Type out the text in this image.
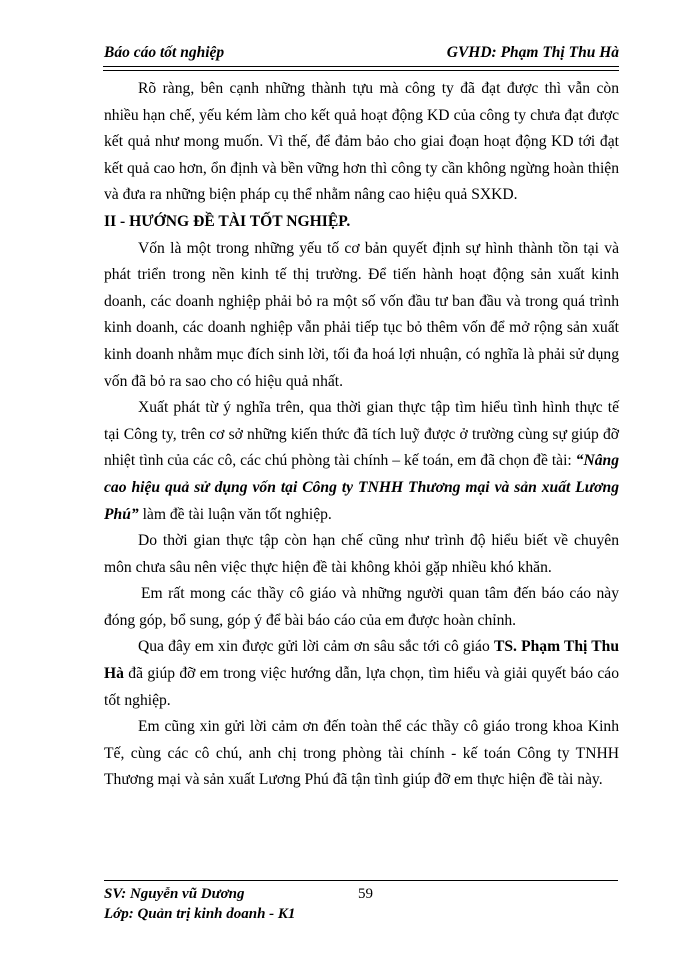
Báo cáo tốt nghiệp	GVHD: Phạm Thị Thu Hà

Rõ ràng, bên cạnh những thành tựu mà công ty đã đạt được thì vẫn còn nhiều hạn chế, yếu kém làm cho kết quả hoạt động KD của công ty chưa đạt được kết quả như mong muốn. Vì thế, để đảm bảo cho giai đoạn hoạt động KD tới đạt kết quả cao hơn, ổn định và bền vững hơn thì công ty cần không ngừng hoàn thiện và đưa ra những biện pháp cụ thể nhằm nâng cao hiệu quả SXKD.

II - HƯỚNG ĐỀ TÀI TỐT NGHIỆP.

Vốn là một trong những yếu tố cơ bản quyết định sự hình thành tồn tại và phát triển trong nền kinh tế thị trường. Để tiến hành hoạt động sản xuất kinh doanh, các doanh nghiệp phải bỏ ra một số vốn đầu tư ban đầu và trong quá trình kinh doanh, các doanh nghiệp vẫn phải tiếp tục bỏ thêm vốn để mở rộng sản xuất kinh doanh nhằm mục đích sinh lời, tối đa hoá lợi nhuận, có nghĩa là phải sử dụng vốn đã bỏ ra sao cho có hiệu quả nhất.

Xuất phát từ ý nghĩa trên, qua thời gian thực tập tìm hiểu tình hình thực tế tại Công ty, trên cơ sở những kiến thức đã tích luỹ được ở trường cùng sự giúp đỡ nhiệt tình của các cô, các chú phòng tài chính – kế toán, em đã chọn đề tài: “Nâng cao hiệu quả sử dụng vốn tại Công ty TNHH Thương mại và sản xuất Lương Phú” làm đề tài luận văn tốt nghiệp.

Do thời gian thực tập còn hạn chế cũng như trình độ hiểu biết về chuyên môn chưa sâu nên việc thực hiện đề tài không khỏi gặp nhiều khó khăn.

Em rất mong các thầy cô giáo và những người quan tâm đến báo cáo này đóng góp, bổ sung, góp ý để bài báo cáo của em được hoàn chỉnh.

Qua đây em xin được gửi lời cảm ơn sâu sắc tới cô giáo TS. Phạm Thị Thu Hà đã giúp đỡ em trong việc hướng dẫn, lựa chọn, tìm hiểu và giải quyết báo cáo tốt nghiệp.

Em cũng xin gửi lời cảm ơn đến toàn thể các thầy cô giáo trong khoa Kinh Tế, cùng các cô chú, anh chị trong phòng tài chính - kế toán Công ty TNHH Thương mại và sản xuất Lương Phú đã tận tình giúp đỡ em thực hiện đề tài này.

SV: Nguyễn vũ Dương
Lớp: Quản trị kinh doanh - K1
59
